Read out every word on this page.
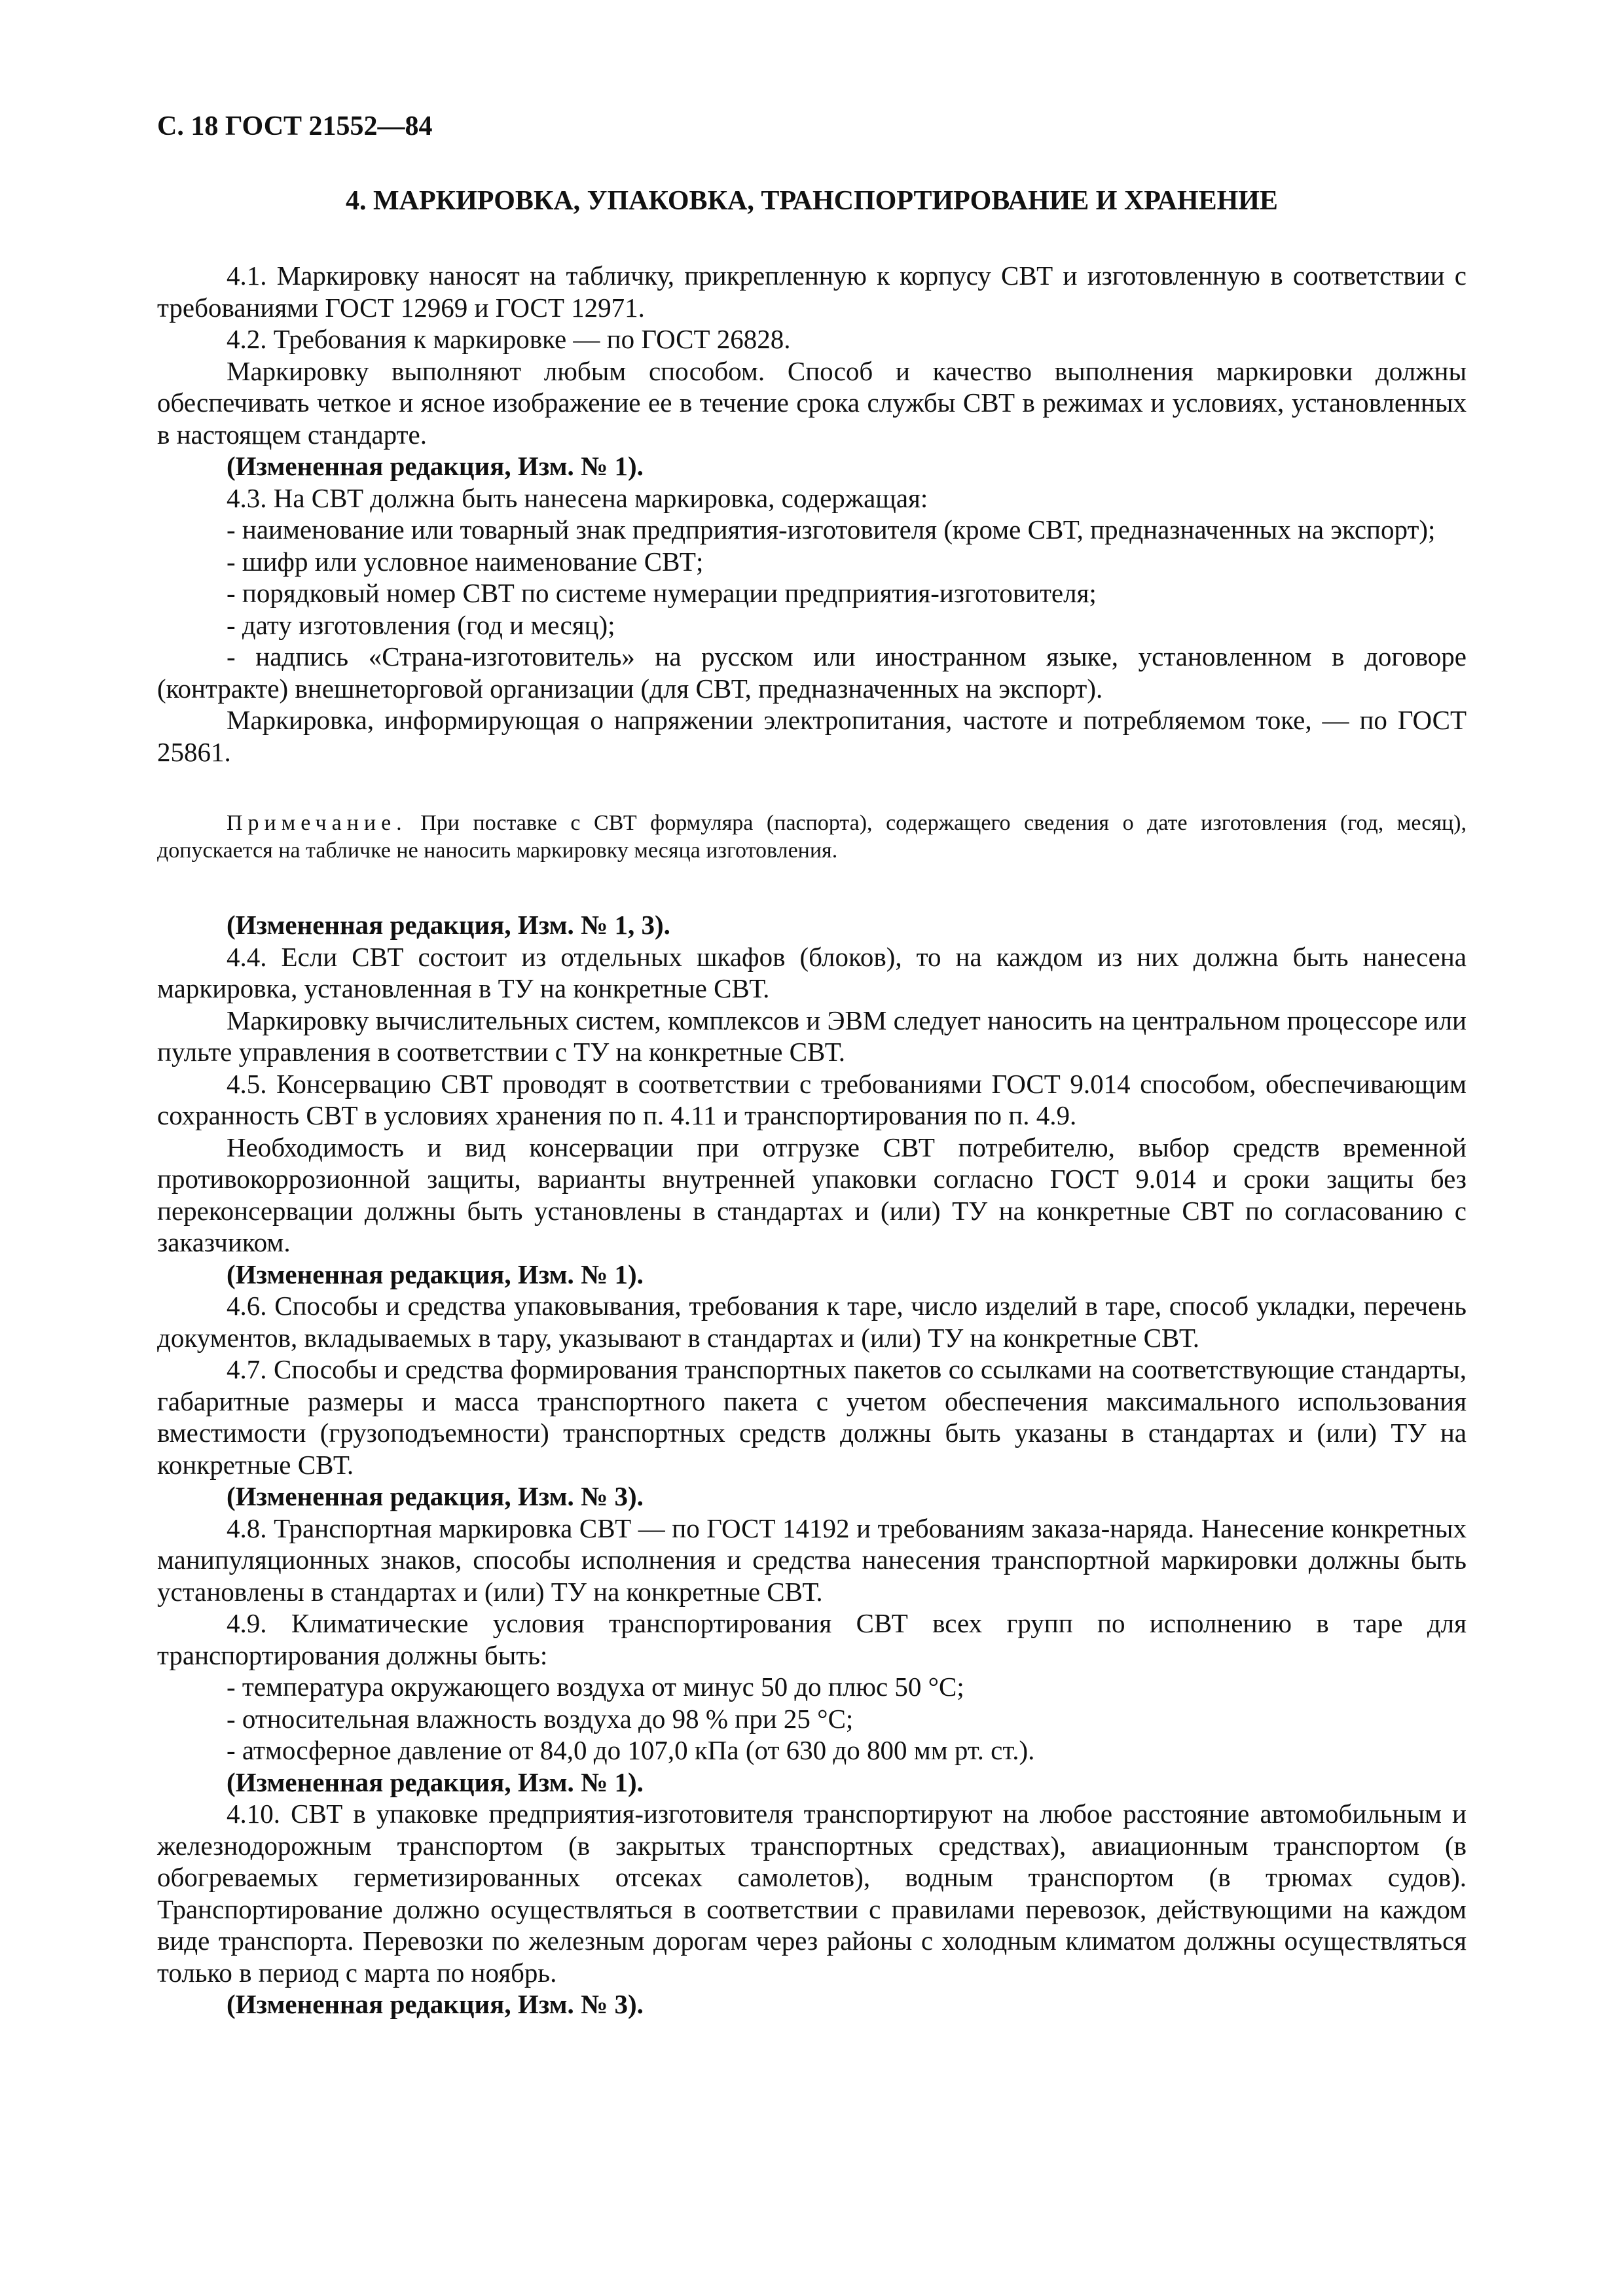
С. 18 ГОСТ 21552—84
4. МАРКИРОВКА, УПАКОВКА, ТРАНСПОРТИРОВАНИЕ И ХРАНЕНИЕ

4.1. Маркировку наносят на табличку, прикрепленную к корпусу СВТ и изготовленную в соответствии с требованиями ГОСТ 12969 и ГОСТ 12971.

4.2. Требования к маркировке — по ГОСТ 26828.

Маркировку выполняют любым способом. Способ и качество выполнения маркировки должны обеспечивать четкое и ясное изображение ее в течение срока службы СВТ в режимах и условиях, установленных в настоящем стандарте.

(Измененная редакция, Изм. № 1).

4.3. На СВТ должна быть нанесена маркировка, содержащая:

- наименование или товарный знак предприятия-изготовителя (кроме СВТ, предназначенных на экспорт);

- шифр или условное наименование СВТ;

- порядковый номер СВТ по системе нумерации предприятия-изготовителя;

- дату изготовления (год и месяц);

- надпись «Страна-изготовитель» на русском или иностранном языке, установленном в договоре (контракте) внешнеторговой организации (для СВТ, предназначенных на экспорт).

Маркировка, информирующая о напряжении электропитания, частоте и потребляемом токе, — по ГОСТ 25861.

Примечание. При поставке с СВТ формуляра (паспорта), содержащего сведения о дате изготовления (год, месяц), допускается на табличке не наносить маркировку месяца изготовления.

(Измененная редакция, Изм. № 1, 3).

4.4. Если СВТ состоит из отдельных шкафов (блоков), то на каждом из них должна быть нанесена маркировка, установленная в ТУ на конкретные СВТ.

Маркировку вычислительных систем, комплексов и ЭВМ следует наносить на центральном процессоре или пульте управления в соответствии с ТУ на конкретные СВТ.

4.5. Консервацию СВТ проводят в соответствии с требованиями ГОСТ 9.014 способом, обеспечивающим сохранность СВТ в условиях хранения по п. 4.11 и транспортирования по п. 4.9.

Необходимость и вид консервации при отгрузке СВТ потребителю, выбор средств временной противокоррозионной защиты, варианты внутренней упаковки согласно ГОСТ 9.014 и сроки защиты без переконсервации должны быть установлены в стандартах и (или) ТУ на конкретные СВТ по согласованию с заказчиком.

(Измененная редакция, Изм. № 1).

4.6. Способы и средства упаковывания, требования к таре, число изделий в таре, способ укладки, перечень документов, вкладываемых в тару, указывают в стандартах и (или) ТУ на конкретные СВТ.

4.7. Способы и средства формирования транспортных пакетов со ссылками на соответствующие стандарты, габаритные размеры и масса транспортного пакета с учетом обеспечения максимального использования вместимости (грузоподъемности) транспортных средств должны быть указаны в стандартах и (или) ТУ на конкретные СВТ.

(Измененная редакция, Изм. № 3).

4.8. Транспортная маркировка СВТ — по ГОСТ 14192 и требованиям заказа-наряда. Нанесение конкретных манипуляционных знаков, способы исполнения и средства нанесения транспортной маркировки должны быть установлены в стандартах и (или) ТУ на конкретные СВТ.

4.9. Климатические условия транспортирования СВТ всех групп по исполнению в таре для транспортирования должны быть:

- температура окружающего воздуха от минус 50 до плюс 50 °С;

- относительная влажность воздуха до 98 % при 25 °С;

- атмосферное давление от 84,0 до 107,0 кПа (от 630 до 800 мм рт. ст.).

(Измененная редакция, Изм. № 1).

4.10. СВТ в упаковке предприятия-изготовителя транспортируют на любое расстояние автомобильным и железнодорожным транспортом (в закрытых транспортных средствах), авиационным транспортом (в обогреваемых герметизированных отсеках самолетов), водным транспортом (в трюмах судов). Транспортирование должно осуществляться в соответствии с правилами перевозок, действующими на каждом виде транспорта. Перевозки по железным дорогам через районы с холодным климатом должны осуществляться только в период с марта по ноябрь.

(Измененная редакция, Изм. № 3).
